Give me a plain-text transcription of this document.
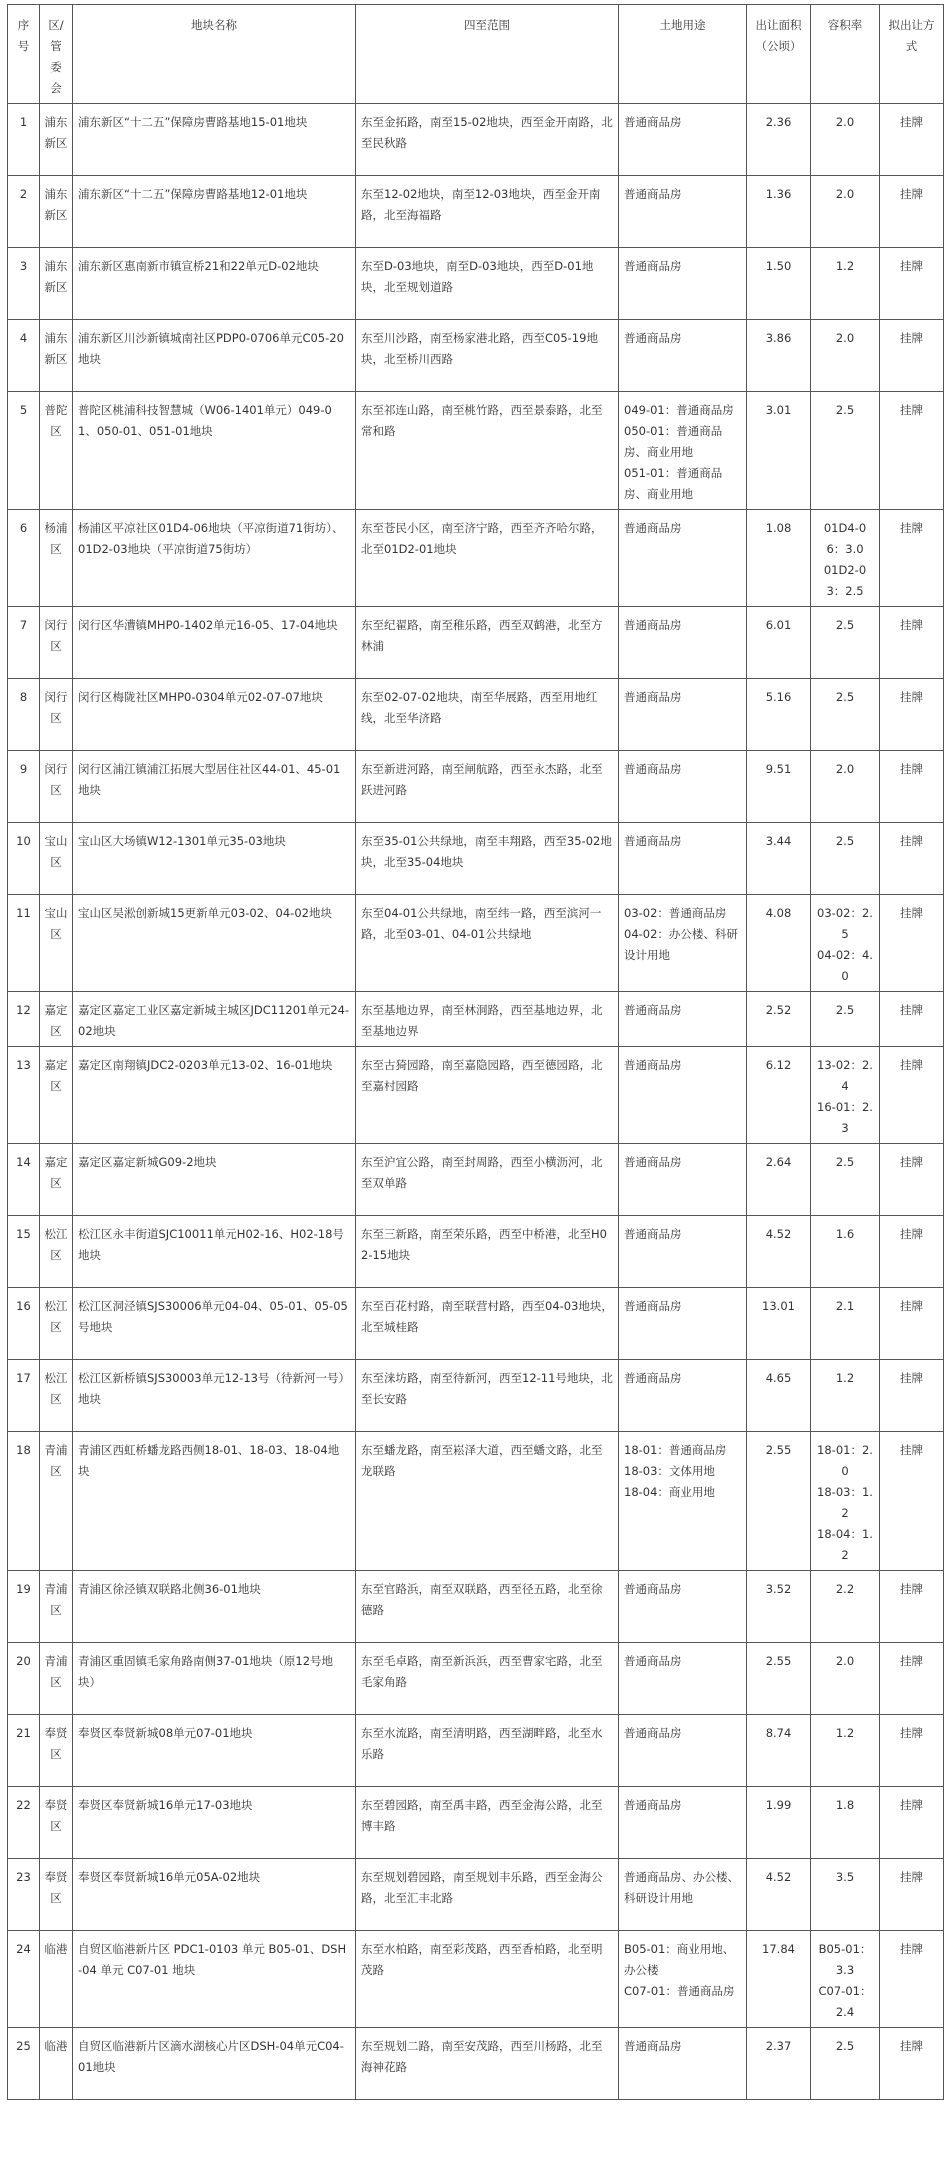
序号	区/管委会	地块名称	四至范围	土地用途	出让面积（公顷）	容积率	拟出让方式
1	浦东新区	浦东新区“十二五”保障房曹路基地15-01地块	东至金拓路，南至15-02地块，西至金开南路，北至民秋路	普通商品房	2.36	2.0	挂牌
2	浦东新区	浦东新区“十二五”保障房曹路基地12-01地块	东至12-02地块，南至12-03地块，西至金开南路，北至海福路	普通商品房	1.36	2.0	挂牌
3	浦东新区	浦东新区惠南新市镇宣桥21和22单元D-02地块	东至D-03地块，南至D-03地块，西至D-01地块，北至规划道路	普通商品房	1.50	1.2	挂牌
4	浦东新区	浦东新区川沙新镇城南社区PDP0-0706单元C05-20地块	东至川沙路，南至杨家港北路，西至C05-19地块，北至桥川西路	普通商品房	3.86	2.0	挂牌
5	普陀区	普陀区桃浦科技智慧城（W06-1401单元）049-01、050-01、051-01地块	东至祁连山路，南至桃竹路，西至景泰路，北至常和路	049-01：普通商品房
050-01：普通商品房、商业用地
051-01：普通商品房、商业用地	3.01	2.5	挂牌
6	杨浦区	杨浦区平凉社区01D4-06地块（平凉街道71街坊）、01D2-03地块（平凉街道75街坊）	东至苍民小区，南至济宁路，西至齐齐哈尔路，北至01D2-01地块	普通商品房	1.08	01D4-06：3.0
01D2-03：2.5	挂牌
7	闵行区	闵行区华漕镇MHP0-1402单元16-05、17-04地块	东至纪翟路，南至稚乐路，西至双鹤港，北至方林浦	普通商品房	6.01	2.5	挂牌
8	闵行区	闵行区梅陇社区MHP0-0304单元02-07-07地块	东至02-07-02地块，南至华展路，西至用地红线，北至华济路	普通商品房	5.16	2.5	挂牌
9	闵行区	闵行区浦江镇浦江拓展大型居住社区44-01、45-01地块	东至新进河路，南至闸航路，西至永杰路，北至跃进河路	普通商品房	9.51	2.0	挂牌
10	宝山区	宝山区大场镇W12-1301单元35-03地块	东至35-01公共绿地，南至丰翔路，西至35-02地块，北至35-04地块	普通商品房	3.44	2.5	挂牌
11	宝山区	宝山区吴淞创新城15更新单元03-02、04-02地块	东至04-01公共绿地，南至纬一路，西至滨河一路，北至03-01、04-01公共绿地	03-02：普通商品房
04-02：办公楼、科研设计用地	4.08	03-02：2.5
04-02：4.0	挂牌
12	嘉定区	嘉定区嘉定工业区嘉定新城主城区JDC11201单元24-02地块	东至基地边界，南至林洞路，西至基地边界，北至基地边界	普通商品房	2.52	2.5	挂牌
13	嘉定区	嘉定区南翔镇JDC2-0203单元13-02、16-01地块	东至古猗园路，南至嘉隐园路，西至德园路，北至嘉村园路	普通商品房	6.12	13-02：2.4
16-01：2.3	挂牌
14	嘉定区	嘉定区嘉定新城G09-2地块	东至沪宜公路，南至封周路，西至小横沥河，北至双单路	普通商品房	2.64	2.5	挂牌
15	松江区	松江区永丰街道SJC10011单元H02-16、H02-18号地块	东至三新路，南至荣乐路，西至中桥港，北至H02-15地块	普通商品房	4.52	1.6	挂牌
16	松江区	松江区洞泾镇SJS30006单元04-04、05-01、05-05号地块	东至百花村路，南至联营村路，西至04-03地块，北至城桂路	普通商品房	13.01	2.1	挂牌
17	松江区	松江区新桥镇SJS30003单元12-13号（待新河一号）地块	东至涞坊路，南至待新河，西至12-11号地块，北至长安路	普通商品房	4.65	1.2	挂牌
18	青浦区	青浦区西虹桥蟠龙路西侧18-01、18-03、18-04地块	东至蟠龙路，南至崧泽大道，西至蟠文路，北至龙联路	18-01：普通商品房
18-03：文体用地
18-04：商业用地	2.55	18-01：2.0
18-03：1.2
18-04：1.2	挂牌
19	青浦区	青浦区徐泾镇双联路北侧36-01地块	东至官路浜，南至双联路，西至径五路，北至徐德路	普通商品房	3.52	2.2	挂牌
20	青浦区	青浦区重固镇毛家角路南侧37-01地块（原12号地块）	东至毛卓路，南至新浜浜，西至曹家宅路，北至毛家角路	普通商品房	2.55	2.0	挂牌
21	奉贤区	奉贤区奉贤新城08单元07-01地块	东至水流路，南至清明路，西至湖畔路，北至水乐路	普通商品房	8.74	1.2	挂牌
22	奉贤区	奉贤区奉贤新城16单元17-03地块	东至碧园路，南至禹丰路，西至金海公路，北至博丰路	普通商品房	1.99	1.8	挂牌
23	奉贤区	奉贤区奉贤新城16单元05A-02地块	东至规划碧园路，南至规划丰乐路，西至金海公路，北至汇丰北路	普通商品房、办公楼、科研设计用地	4.52	3.5	挂牌
24	临港	自贸区临港新片区 PDC1-0103 单元 B05-01、DSH-04 单元 C07-01 地块	东至水柏路，南至彩茂路，西至香柏路，北至明茂路	B05-01：商业用地、办公楼
C07-01：普通商品房	17.84	B05-01：3.3
C07-01：2.4	挂牌
25	临港	自贸区临港新片区滴水湖核心片区DSH-04单元C04-01地块	东至规划二路，南至安茂路，西至川杨路，北至海神花路	普通商品房	2.37	2.5	挂牌
